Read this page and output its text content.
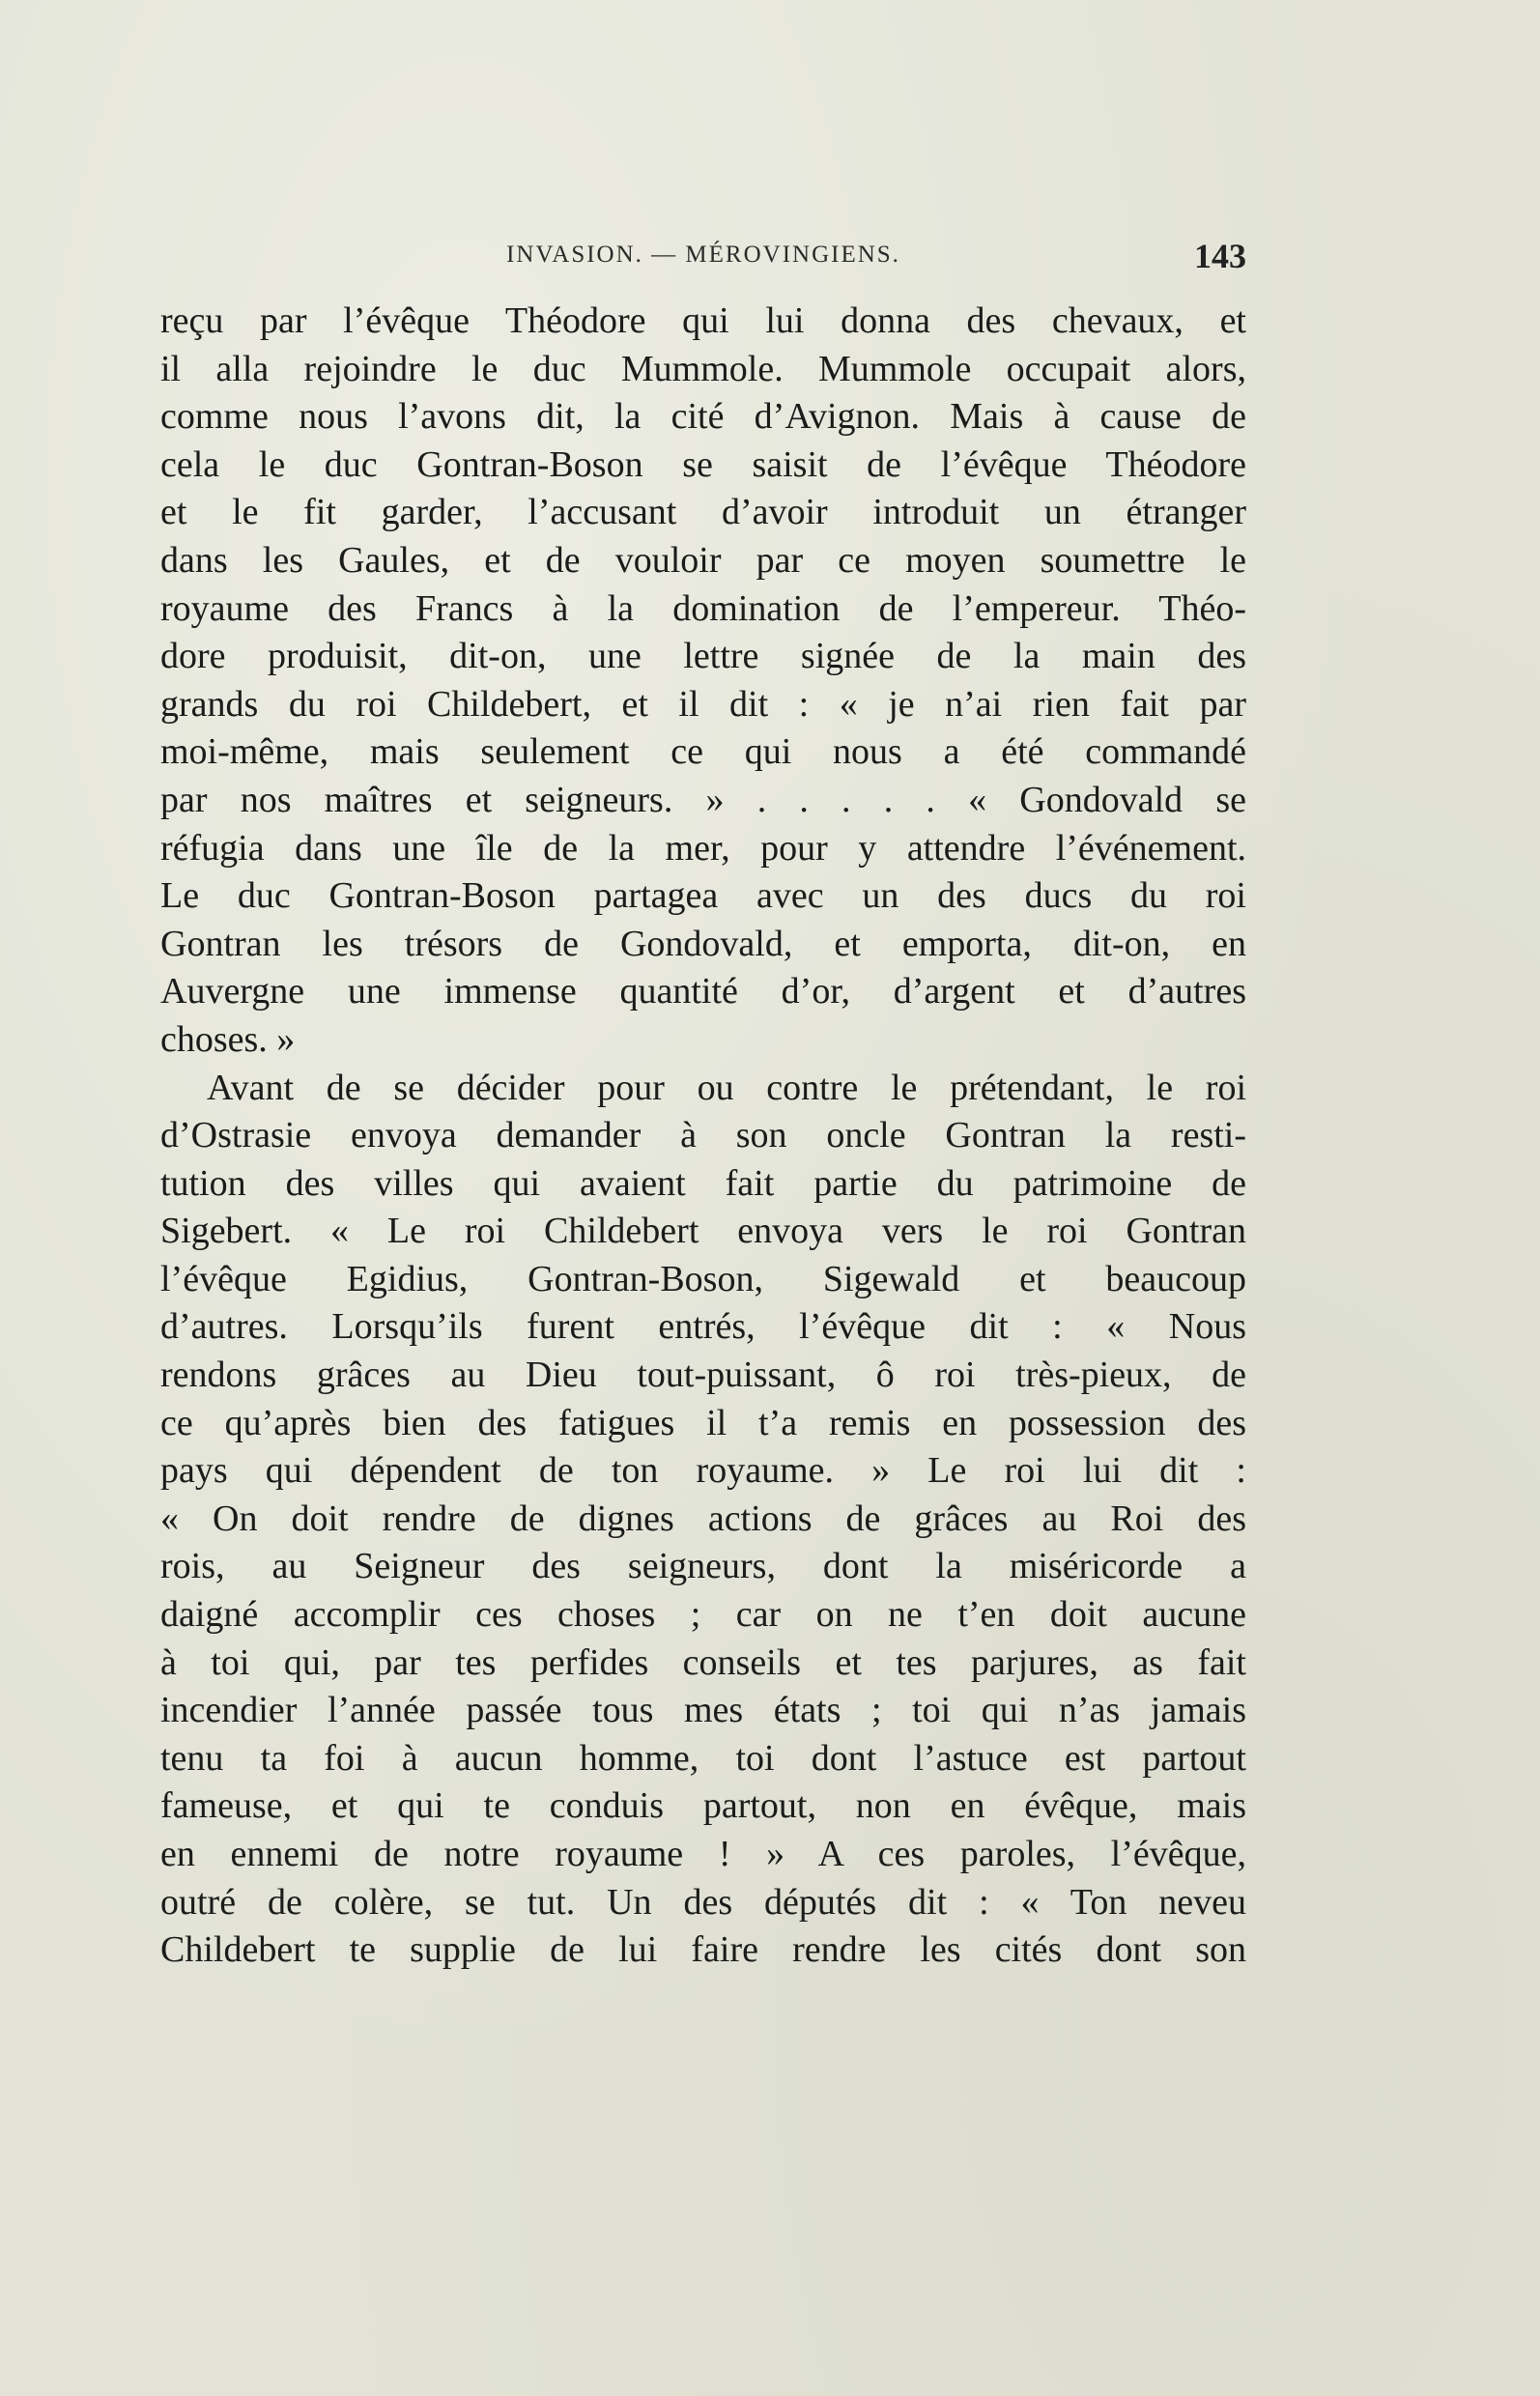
INVASION. — MÉROVINGIENS.	143
reçu par l’évêque Théodore qui lui donna des chevaux, et
il alla rejoindre le duc Mummole. Mummole occupait alors,
comme nous l’avons dit, la cité d’Avignon. Mais à cause de
cela le duc Gontran-Boson se saisit de l’évêque Théodore
et le fit garder, l’accusant d’avoir introduit un étranger
dans les Gaules, et de vouloir par ce moyen soumettre le
royaume des Francs à la domination de l’empereur. Théo-
dore produisit, dit-on, une lettre signée de la main des
grands du roi Childebert, et il dit : « je n’ai rien fait par
moi-même, mais seulement ce qui nous a été commandé
par nos maîtres et seigneurs. » . . . . . « Gondovald se
réfugia dans une île de la mer, pour y attendre l’événement.
Le duc Gontran-Boson partagea avec un des ducs du roi
Gontran les trésors de Gondovald, et emporta, dit-on, en
Auvergne une immense quantité d’or, d’argent et d’autres
choses. »
Avant de se décider pour ou contre le prétendant, le roi
d’Ostrasie envoya demander à son oncle Gontran la resti-
tution des villes qui avaient fait partie du patrimoine de
Sigebert. « Le roi Childebert envoya vers le roi Gontran
l’évêque Egidius, Gontran-Boson, Sigewald et beaucoup
d’autres. Lorsqu’ils furent entrés, l’évêque dit : « Nous
rendons grâces au Dieu tout-puissant, ô roi très-pieux, de
ce qu’après bien des fatigues il t’a remis en possession des
pays qui dépendent de ton royaume. » Le roi lui dit :
« On doit rendre de dignes actions de grâces au Roi des
rois, au Seigneur des seigneurs, dont la miséricorde a
daigné accomplir ces choses ; car on ne t’en doit aucune
à toi qui, par tes perfides conseils et tes parjures, as fait
incendier l’année passée tous mes états ; toi qui n’as jamais
tenu ta foi à aucun homme, toi dont l’astuce est partout
fameuse, et qui te conduis partout, non en évêque, mais
en ennemi de notre royaume ! » A ces paroles, l’évêque,
outré de colère, se tut. Un des députés dit : « Ton neveu
Childebert te supplie de lui faire rendre les cités dont son
